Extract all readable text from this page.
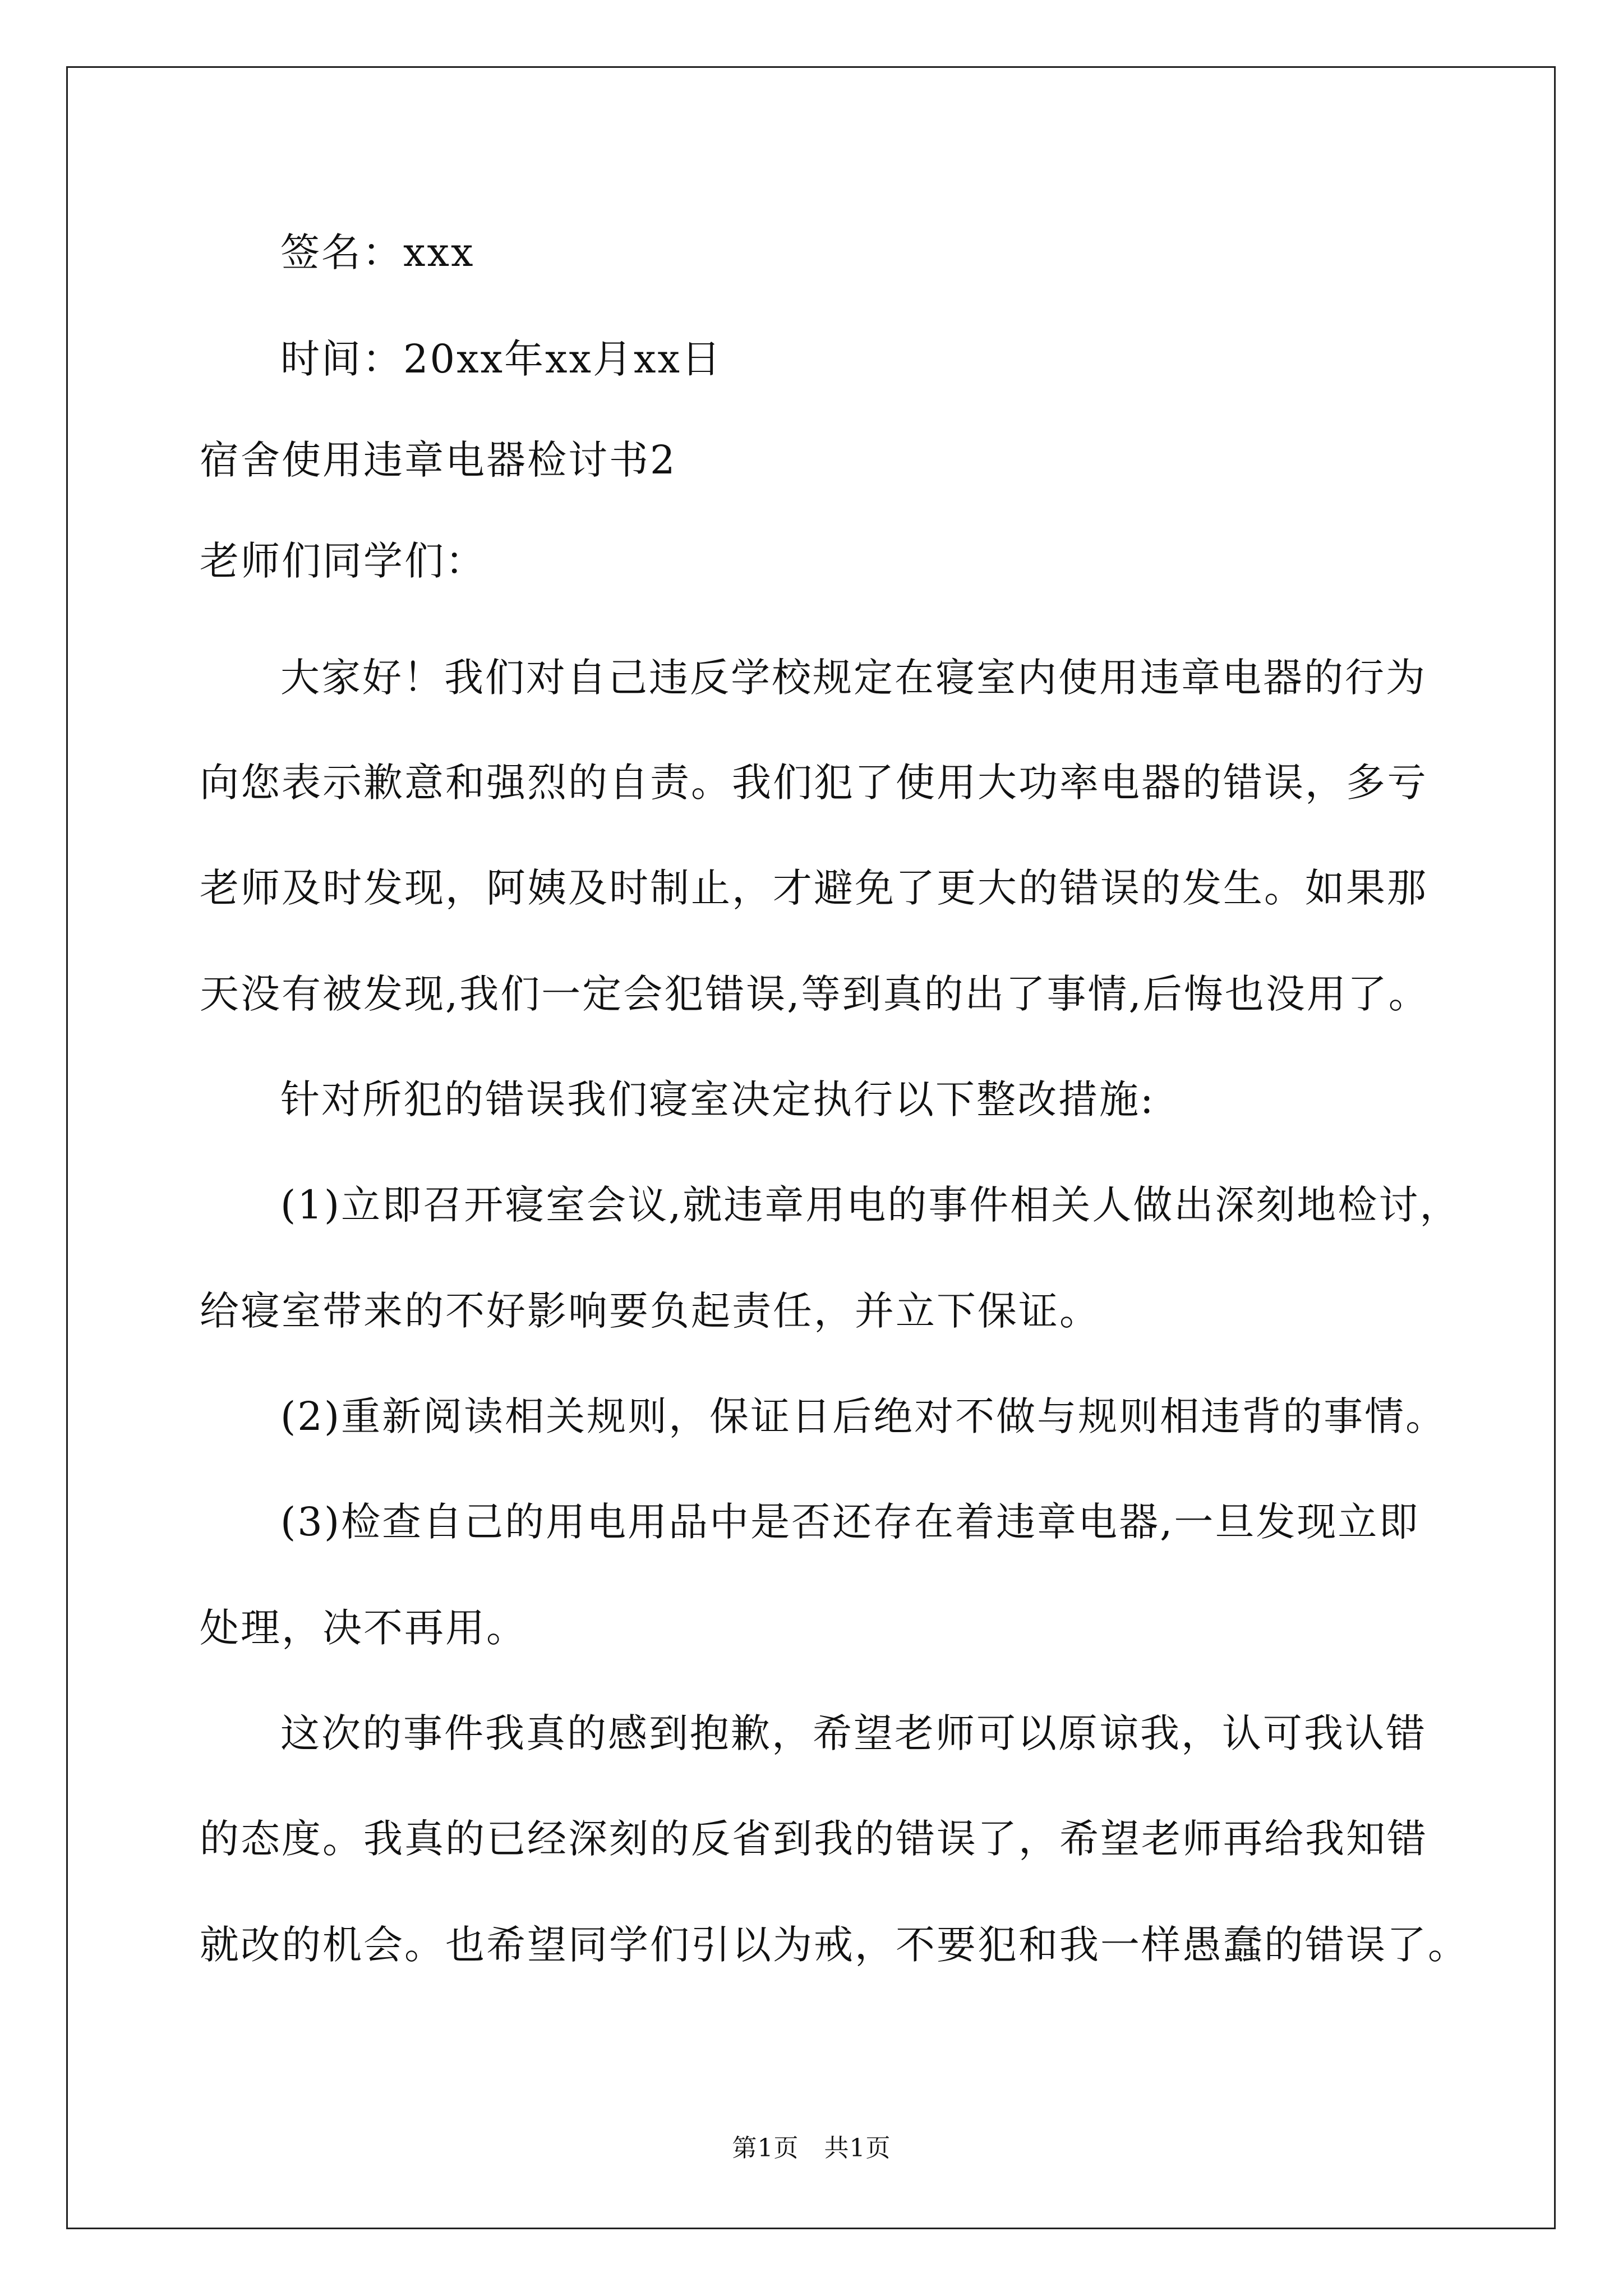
签名：xxx
时间：20xx年xx月xx日
宿舍使用违章电器检讨书2
老师们同学们：
大家好！我们对自己违反学校规定在寝室内使用违章电器的行为
向您表示歉意和强烈的自责。我们犯了使用大功率电器的错误，多亏
老师及时发现，阿姨及时制止，才避免了更大的错误的发生。如果那
天没有被发现,我们一定会犯错误,等到真的出了事情,后悔也没用了。
针对所犯的错误我们寝室决定执行以下整改措施:
(1)立即召开寝室会议,就违章用电的事件相关人做出深刻地检讨，
给寝室带来的不好影响要负起责任，并立下保证。
(2)重新阅读相关规则，保证日后绝对不做与规则相违背的事情。
(3)检查自己的用电用品中是否还存在着违章电器,一旦发现立即
处理，决不再用。
这次的事件我真的感到抱歉，希望老师可以原谅我，认可我认错
的态度。我真的已经深刻的反省到我的错误了，希望老师再给我知错
就改的机会。也希望同学们引以为戒，不要犯和我一样愚蠢的错误了。
第1页　共1页
